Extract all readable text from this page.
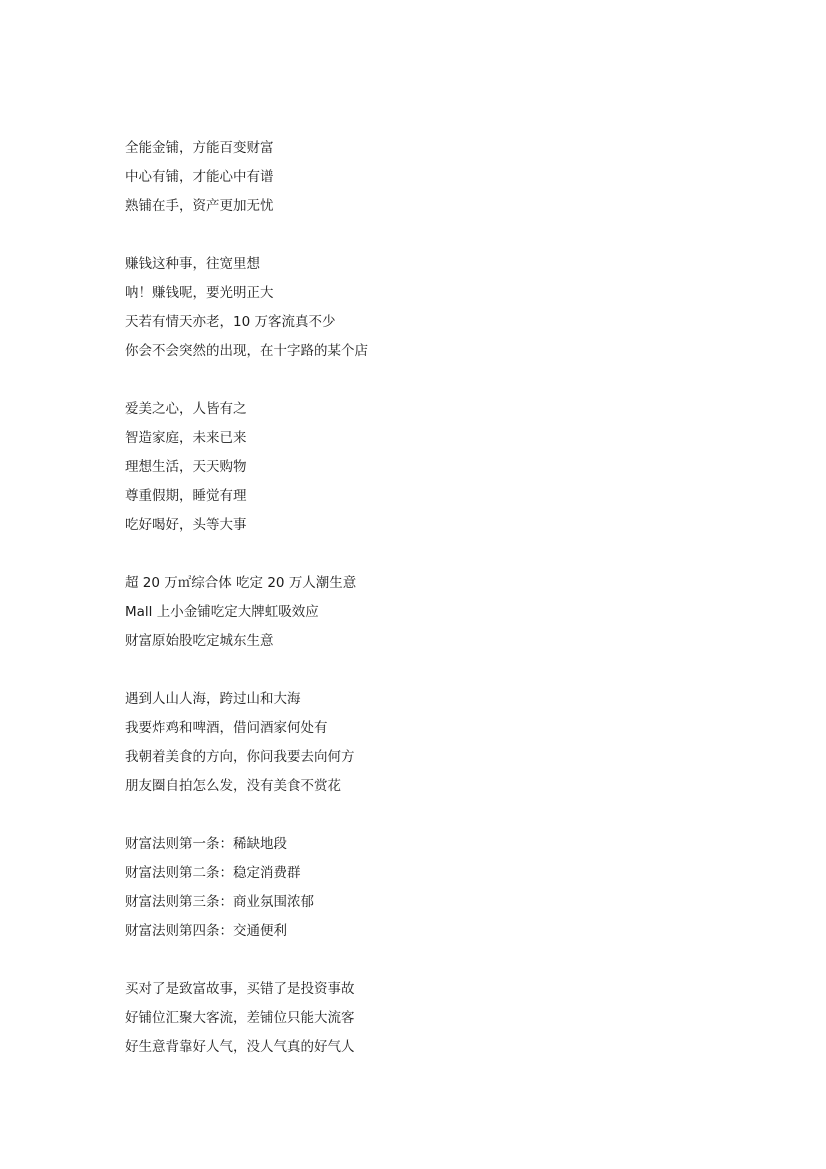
全能金铺，方能百变财富
中心有铺，才能心中有谱
熟铺在手，资产更加无忧
赚钱这种事，往宽里想
呐！赚钱呢，要光明正大
天若有情天亦老，10 万客流真不少
你会不会突然的出现，在十字路的某个店
爱美之心，人皆有之
智造家庭，未来已来
理想生活，天天购物
尊重假期，睡觉有理
吃好喝好，头等大事
超 20 万㎡综合体 吃定 20 万人潮生意
Mall 上小金铺吃定大牌虹吸效应
财富原始股吃定城东生意
遇到人山人海，跨过山和大海
我要炸鸡和啤酒，借问酒家何处有
我朝着美食的方向，你问我要去向何方
朋友圈自拍怎么发，没有美食不赏花
财富法则第一条：稀缺地段
财富法则第二条：稳定消费群
财富法则第三条：商业氛围浓郁
财富法则第四条：交通便利
买对了是致富故事，买错了是投资事故
好铺位汇聚大客流，差铺位只能大流客
好生意背靠好人气，没人气真的好气人
